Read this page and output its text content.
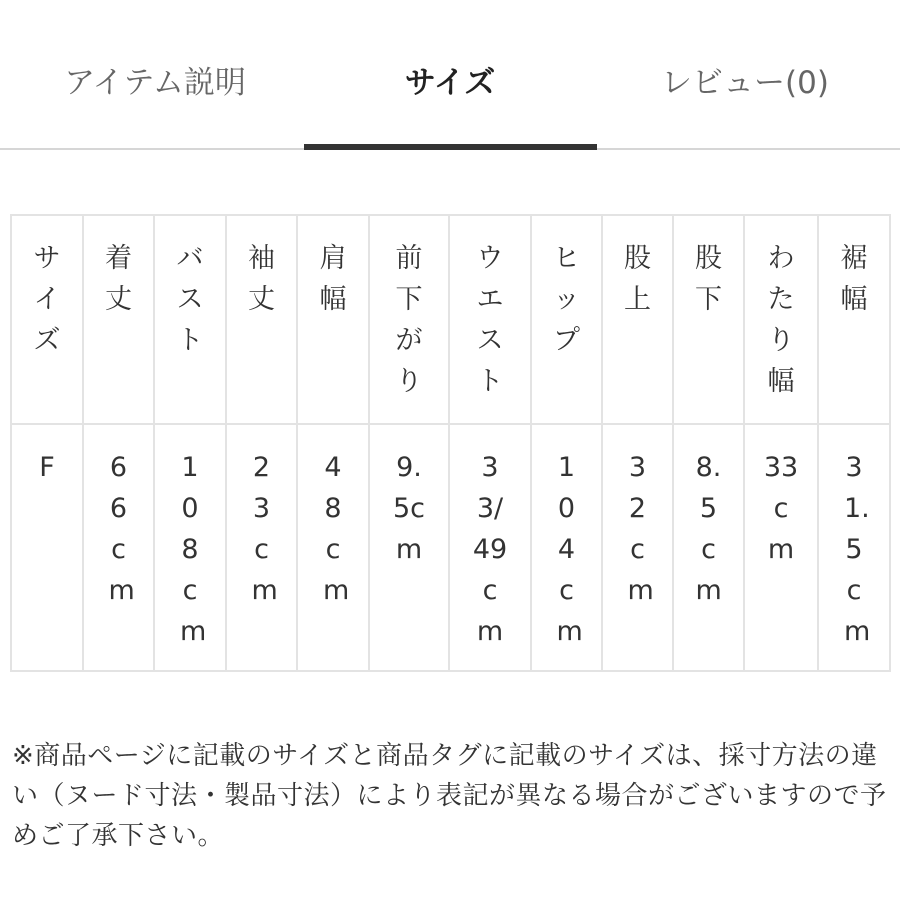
アイテム説明	サイズ	レビュー(0)
サイズ	着丈	バスト	袖丈	肩幅	前下がり	ウエスト	ヒップ	股上	股下	わたり幅	裾幅
F	66cm	108cm	23cm	48cm	9.5cm	33/49cm	104cm	32cm	8.5cm	33cm	31.5cm
※商品ページに記載のサイズと商品タグに記載のサイズは、採寸方法の違い（ヌード寸法・製品寸法）により表記が異なる場合がございますので予めご了承下さい。
